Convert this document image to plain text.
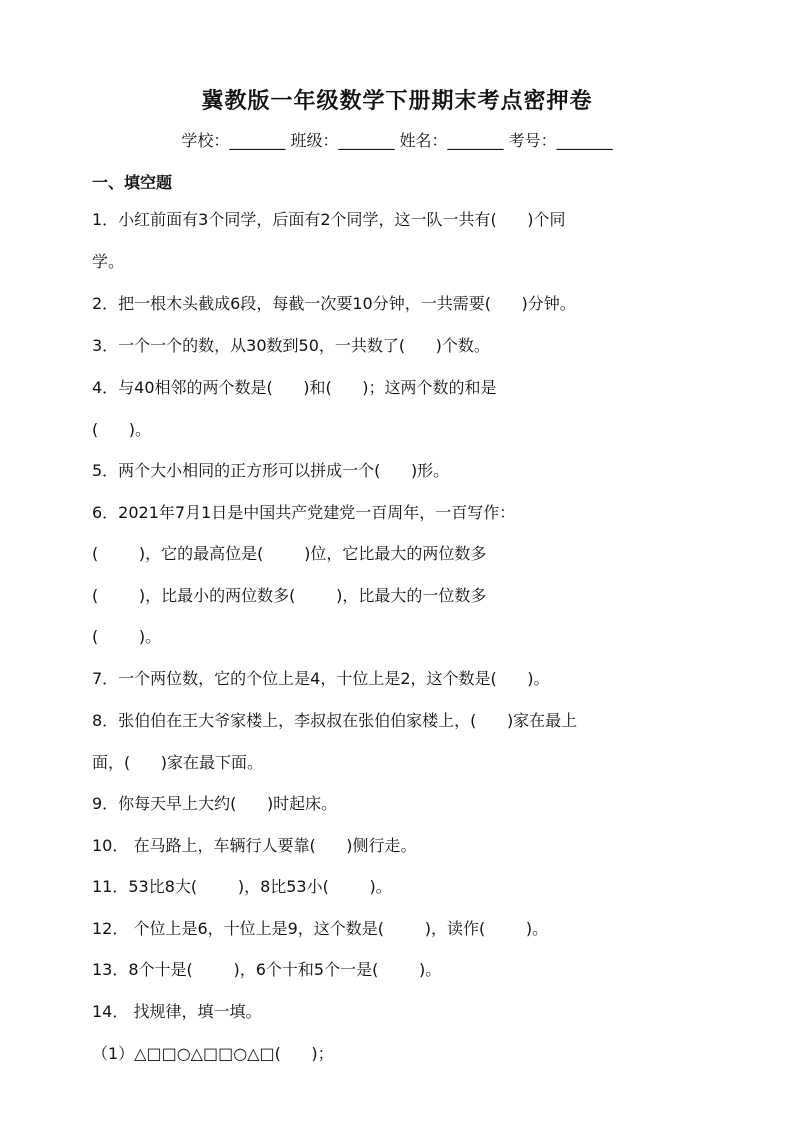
冀教版一年级数学下册期末考点密押卷
学校：_______ 班级：_______ 姓名：_______ 考号：_______
一、填空题
1．小红前面有3个同学，后面有2个同学，这一队一共有(      )个同
学。
2．把一根木头截成6段，每截一次要10分钟，一共需要(      )分钟。
3．一个一个的数，从30数到50，一共数了(      )个数。
4．与40相邻的两个数是(      )和(      )；这两个数的和是
(      )。
5．两个大小相同的正方形可以拼成一个(      )形。
6．2021年7月1日是中国共产党建党一百周年，一百写作：
(        )，它的最高位是(        )位，它比最大的两位数多
(        )，比最小的两位数多(        )，比最大的一位数多
(        )。
7．一个两位数，它的个位上是4，十位上是2，这个数是(      )。
8．张伯伯在王大爷家楼上，李叔叔在张伯伯家楼上，(      )家在最上
面，(      )家在最下面。
9．你每天早上大约(      )时起床。
10． 在马路上，车辆行人要靠(      )侧行走。
11．53比8大(        )，8比53小(        )。
12． 个位上是6，十位上是9，这个数是(        )，读作(        )。
13．8个十是(        )，6个十和5个一是(        )。
14． 找规律，填一填。
（1）△□□○△□□○△□(      )；
